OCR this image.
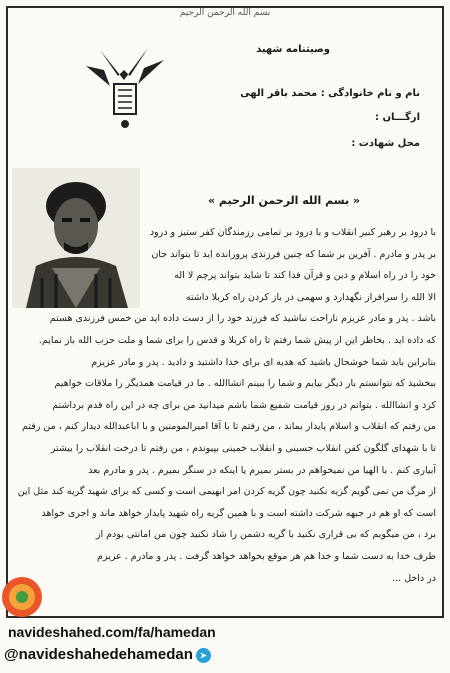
بسم الله الرحمن الرحیم
وصیتنامه شهید
نام و نام خانوادگی : محمد باقر الهی
ارگـــان :
محل شهادت :
« بسم الله الرحمن الرحیم »
با درود بر رهبر کبیر انقلاب و با درود بر تمامی رزمندگان کفر ستیز و درود
بر پدر و مادرم . آفرین بر شما که چنین فرزندی پرورانده اید تا بتواند جان
خود را در راه اسلام و دین و قرآن فدا کند تا شاید بتواند پرچم لا اله
الا الله را سرافراز نگهدارد و سهمی در باز کردن راه کربلا داشته
باشد . پدر و مادر عزیزم ناراحت نباشید که فرزند خود را از دست داده اید من خمس فرزندی هستم
که داده اید . بخاطر این از پیش شما رفتم تا راه کربلا و قدس را برای شما و ملت حزب الله باز نمایم.
بنابراین باید شما خوشحال باشید که هدیه ای برای خدا داشتید و دادید . پدر و مادر عزیزم
ببخشید که نتوانستم بار دیگر بیایم و شما را ببینم انشاالله . ما در قیامت همدیگر را ملاقات خواهیم
کرد و انشاالله . بتوانم در روز قیامت شفیع شما باشم میدانید من برای چه در این راه قدم برداشتم
من رفتم که انقلاب و اسلام پایدار بماند ، من رفتم تا با آقا امیرالمومنین و با اباعبدالله دیدار کنم ، من رفتم
تا با شهدای گلگون کفن انقلاب حسینی و انقلاب خمینی بپیوندم ، من رفتم تا درخت انقلاب را بیشتر
آبیاری کنم . با الهیا من نمیخواهم در بستر بمیرم یا اینکه در سنگر بمیرم . پدر و مادرم بعد
از مرگ من نمی گویم گریه نکنید چون گریه کردن امر ابهیمی است و کسی که برای شهید گریه کند مثل این
است که او هم در جبهه شرکت داشته است و با همین گریه راه شهید پایدار خواهد ماند و اجری خواهد
برد ، من میگویم که بی قراری نکنید با گریه دشمن را شاد نکنید چون من امانتی بودم از
طرف خدا به دست شما و خدا هم هر موقع بخواهد خواهد گرفت . پدر و مادرم . عزیزم
در داخل ...
navideshahed.com/fa/hamedan
@navideshahedehamedan ➤
